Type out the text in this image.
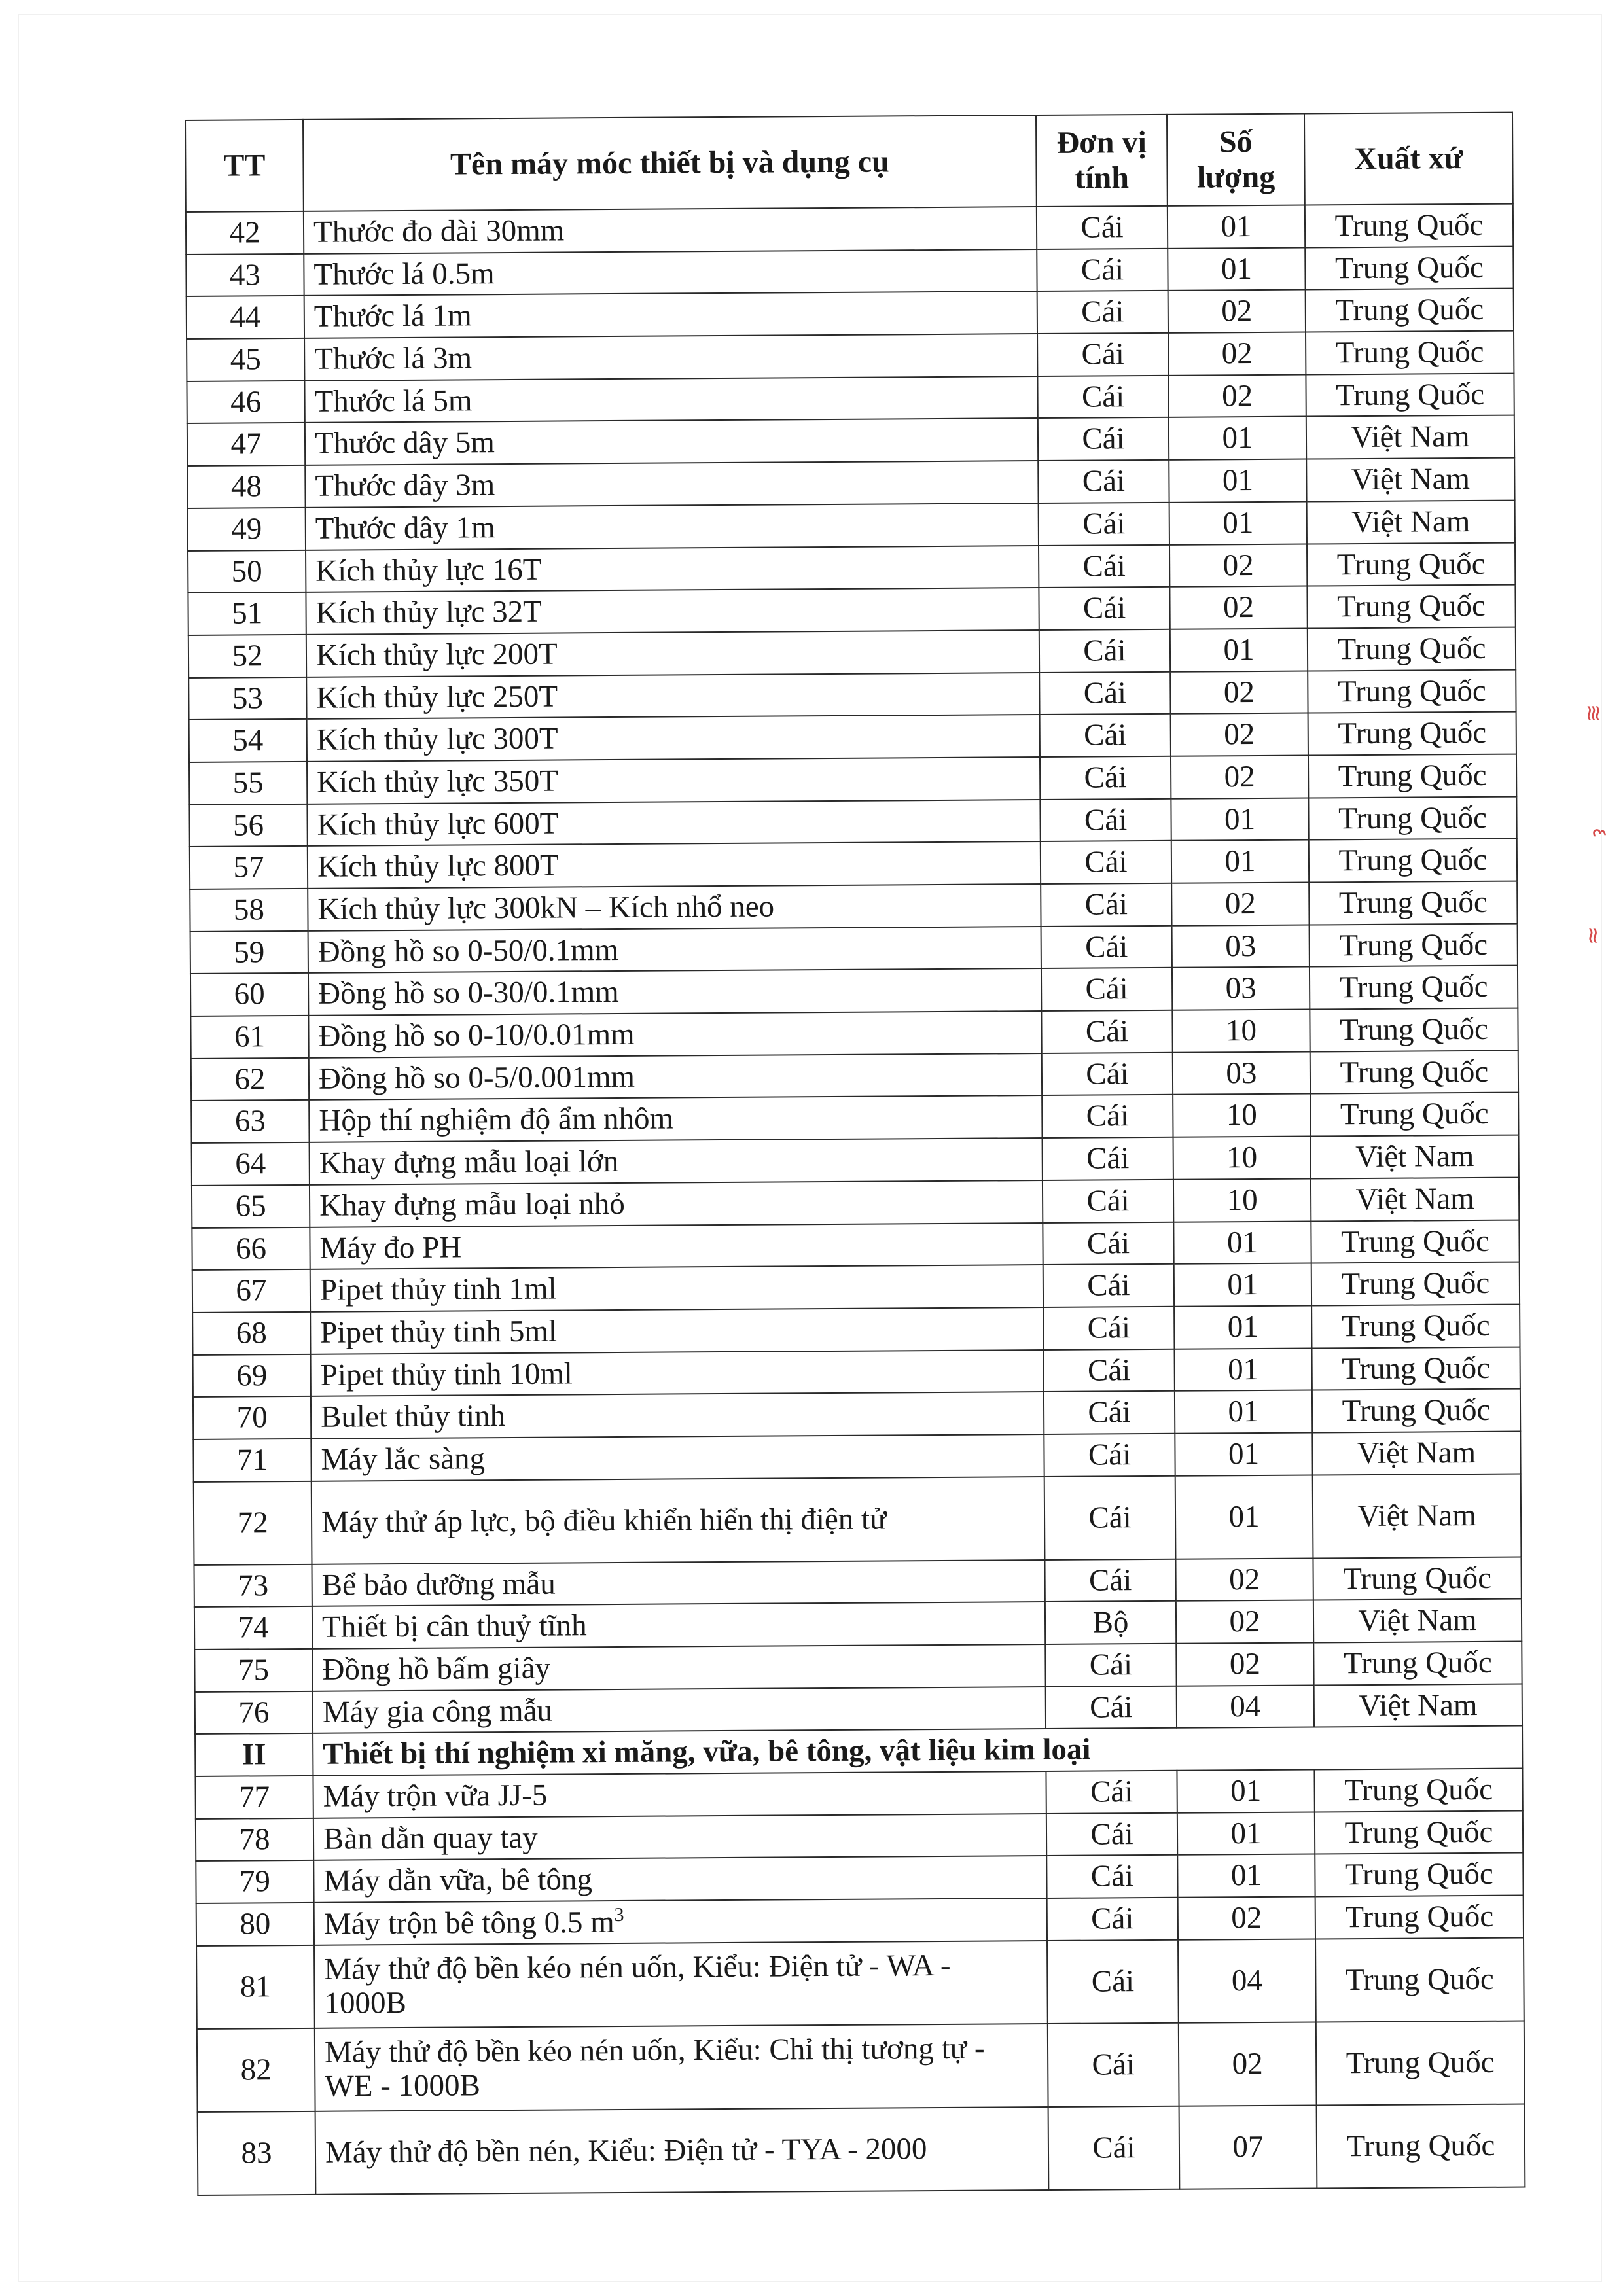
TT	Tên máy móc thiết bị và dụng cụ	Đơn vị tính	Số lượng	Xuất xứ
42	Thước đo dài 30mm	Cái	01	Trung Quốc
43	Thước lá 0.5m	Cái	01	Trung Quốc
44	Thước lá 1m	Cái	02	Trung Quốc
45	Thước lá 3m	Cái	02	Trung Quốc
46	Thước lá 5m	Cái	02	Trung Quốc
47	Thước dây 5m	Cái	01	Việt Nam
48	Thước dây 3m	Cái	01	Việt Nam
49	Thước dây 1m	Cái	01	Việt Nam
50	Kích thủy lực 16T	Cái	02	Trung Quốc
51	Kích thủy lực 32T	Cái	02	Trung Quốc
52	Kích thủy lực 200T	Cái	01	Trung Quốc
53	Kích thủy lực 250T	Cái	02	Trung Quốc
54	Kích thủy lực 300T	Cái	02	Trung Quốc
55	Kích thủy lực 350T	Cái	02	Trung Quốc
56	Kích thủy lực 600T	Cái	01	Trung Quốc
57	Kích thủy lực 800T	Cái	01	Trung Quốc
58	Kích thủy lực 300kN – Kích nhổ neo	Cái	02	Trung Quốc
59	Đồng hồ so 0-50/0.1mm	Cái	03	Trung Quốc
60	Đồng hồ so 0-30/0.1mm	Cái	03	Trung Quốc
61	Đồng hồ so 0-10/0.01mm	Cái	10	Trung Quốc
62	Đồng hồ so 0-5/0.001mm	Cái	03	Trung Quốc
63	Hộp thí nghiệm độ ẩm nhôm	Cái	10	Trung Quốc
64	Khay đựng mẫu loại lớn	Cái	10	Việt Nam
65	Khay đựng mẫu loại nhỏ	Cái	10	Việt Nam
66	Máy đo PH	Cái	01	Trung Quốc
67	Pipet thủy tinh 1ml	Cái	01	Trung Quốc
68	Pipet thủy tinh 5ml	Cái	01	Trung Quốc
69	Pipet thủy tinh 10ml	Cái	01	Trung Quốc
70	Bulet thủy tinh	Cái	01	Trung Quốc
71	Máy lắc sàng	Cái	01	Việt Nam
72	Máy thử áp lực, bộ điều khiển hiển thị điện tử	Cái	01	Việt Nam
73	Bể bảo dưỡng mẫu	Cái	02	Trung Quốc
74	Thiết bị cân thuỷ tĩnh	Bộ	02	Việt Nam
75	Đồng hồ bấm giây	Cái	02	Trung Quốc
76	Máy gia công mẫu	Cái	04	Việt Nam
II	Thiết bị thí nghiệm xi măng, vữa, bê tông, vật liệu kim loại			
77	Máy trộn vữa JJ-5	Cái	01	Trung Quốc
78	Bàn dằn quay tay	Cái	01	Trung Quốc
79	Máy dằn vữa, bê tông	Cái	01	Trung Quốc
80	Máy trộn bê tông 0.5 $m^3$	Cái	02	Trung Quốc
81	Máy thử độ bền kéo nén uốn, Kiểu: Điện tử - WA - 1000B	Cái	04	Trung Quốc
82	Máy thử độ bền kéo nén uốn, Kiểu: Chỉ thị tương tự - WE - 1000B	Cái	02	Trung Quốc
83	Máy thử độ bền nén, Kiểu: Điện tử - TYA - 2000	Cái	07	Trung Quốc
≋
٤
≈
